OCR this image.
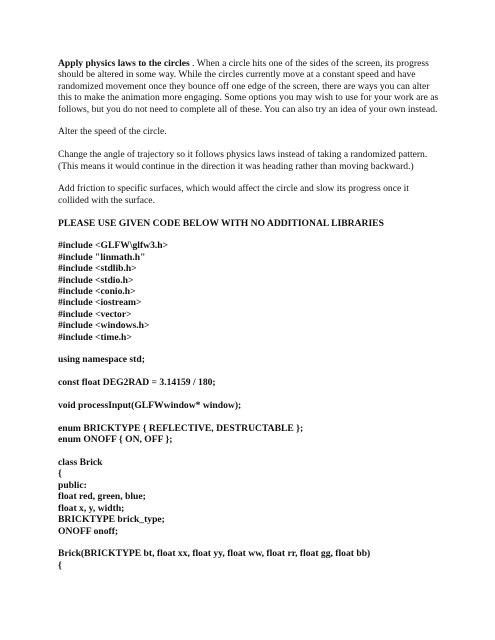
Apply physics laws to the circles . When a circle hits one of the sides of the screen, its progress should be altered in some way. While the circles currently move at a constant speed and have randomized movement once they bounce off one edge of the screen, there are ways you can alter this to make the animation more engaging. Some options you may wish to use for your work are as follows, but you do not need to complete all of these. You can also try an idea of your own instead.

Alter the speed of the circle.

Change the angle of trajectory so it follows physics laws instead of taking a randomized pattern. (This means it would continue in the direction it was heading rather than moving backward.)

Add friction to specific surfaces, which would affect the circle and slow its progress once it collided with the surface.

PLEASE USE GIVEN CODE BELOW WITH NO ADDITIONAL LIBRARIES

#include <GLFW\glfw3.h>
#include "linmath.h"
#include <stdlib.h>
#include <stdio.h>
#include <conio.h>
#include <iostream>
#include <vector>
#include <windows.h>
#include <time.h>
using namespace std;
const float DEG2RAD = 3.14159 / 180;
void processInput(GLFWwindow* window);
enum BRICKTYPE { REFLECTIVE, DESTRUCTABLE };
enum ONOFF { ON, OFF };
class Brick
{
public:
float red, green, blue;
float x, y, width;
BRICKTYPE brick_type;
ONOFF onoff;
Brick(BRICKTYPE bt, float xx, float yy, float ww, float rr, float gg, float bb)
{
